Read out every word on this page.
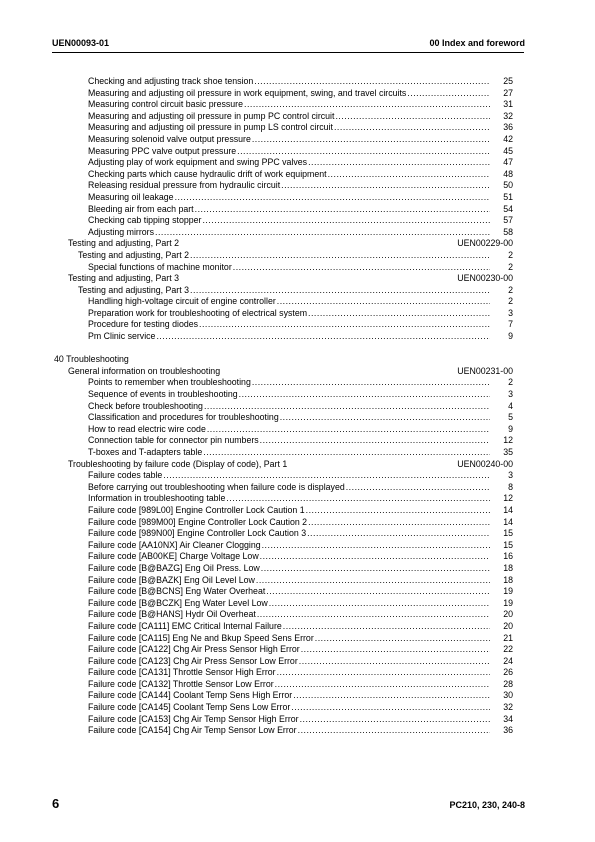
UEN00093-01	00 Index and foreword
Checking and adjusting track shoe tension .....	25
Measuring and adjusting oil pressure in work equipment, swing, and travel circuits .....	27
Measuring control circuit basic pressure .....	31
Measuring and adjusting oil pressure in pump PC control circuit .....	32
Measuring and adjusting oil pressure in pump LS control circuit .....	36
Measuring solenoid valve output pressure .....	42
Measuring PPC valve output pressure .....	45
Adjusting play of work equipment and swing PPC valves .....	47
Checking parts which cause hydraulic drift of work equipment .....	48
Releasing residual pressure from hydraulic circuit .....	50
Measuring oil leakage .....	51
Bleeding air from each part .....	54
Checking cab tipping stopper .....	57
Adjusting mirrors .....	58
Testing and adjusting, Part 2	UEN00229-00
Testing and adjusting, Part 2 .....	2
Special functions of machine monitor .....	2
Testing and adjusting, Part 3	UEN00230-00
Testing and adjusting, Part 3 .....	2
Handling high-voltage circuit of engine controller .....	2
Preparation work for troubleshooting of electrical system .....	3
Procedure for testing diodes .....	7
Pm Clinic service .....	9
40 Troubleshooting
General information on troubleshooting	UEN00231-00
Points to remember when troubleshooting .....	2
Sequence of events in troubleshooting .....	3
Check before troubleshooting .....	4
Classification and procedures for troubleshooting .....	5
How to read electric wire code .....	9
Connection table for connector pin numbers .....	12
T-boxes and T-adapters table .....	35
Troubleshooting by failure code (Display of code), Part 1	UEN00240-00
Failure codes table .....	3
Before carrying out troubleshooting when failure code is displayed .....	8
Information in troubleshooting table .....	12
Failure code [989L00] Engine Controller Lock Caution 1 .....	14
Failure code [989M00] Engine Controller Lock Caution 2 .....	14
Failure code [989N00] Engine Controller Lock Caution 3 .....	15
Failure code [AA10NX] Air Cleaner Clogging .....	15
Failure code [AB00KE] Charge Voltage Low .....	16
Failure code [B@BAZG] Eng Oil Press. Low .....	18
Failure code [B@BAZK] Eng Oil Level Low .....	18
Failure code [B@BCNS] Eng Water Overheat .....	19
Failure code [B@BCZK] Eng Water Level Low .....	19
Failure code [B@HANS] Hydr Oil Overheat .....	20
Failure code [CA111] EMC Critical Internal Failure .....	20
Failure code [CA115] Eng Ne and Bkup Speed Sens Error .....	21
Failure code [CA122] Chg Air Press Sensor High Error .....	22
Failure code [CA123] Chg Air Press Sensor Low Error .....	24
Failure code [CA131] Throttle Sensor High Error .....	26
Failure code [CA132] Throttle Sensor Low Error .....	28
Failure code [CA144] Coolant Temp Sens High Error .....	30
Failure code [CA145] Coolant Temp Sens Low Error .....	32
Failure code [CA153] Chg Air Temp Sensor High Error .....	34
Failure code [CA154] Chg Air Temp Sensor Low Error .....	36
6	PC210, 230, 240-8
